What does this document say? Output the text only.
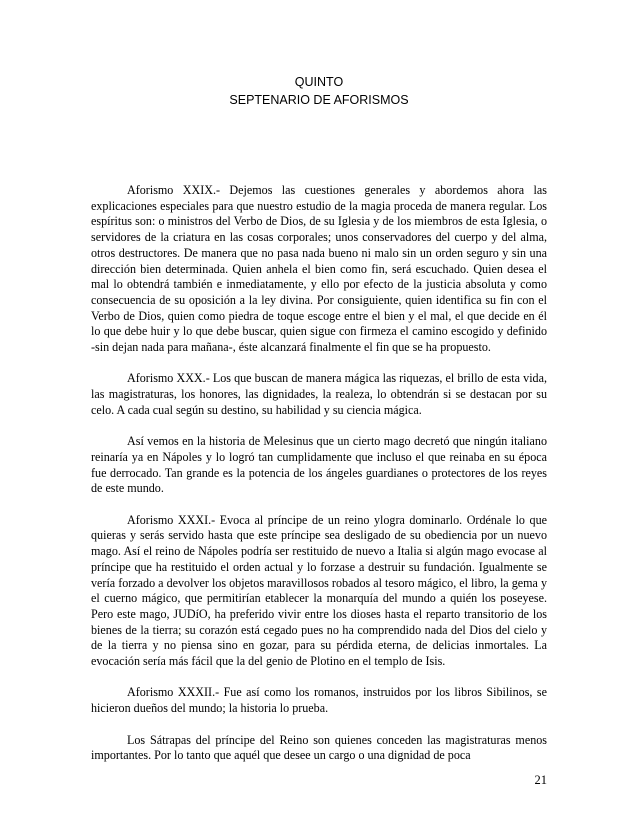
QUINTO
SEPTENARIO DE AFORISMOS

Aforismo XXIX.- Dejemos las cuestiones generales y abordemos ahora las explicaciones especiales para que nuestro estudio de la magia proceda de manera regular. Los espíritus son: o ministros del Verbo de Dios, de su Iglesia y de los miembros de esta Iglesia, o servidores de la criatura en las cosas corporales; unos conservadores del cuerpo y del alma, otros destructores. De manera que no pasa nada bueno ni malo sin un orden seguro y sin una dirección bien determinada. Quien anhela el bien como fin, será escuchado. Quien desea el mal lo obtendrá también e inmediatamente, y ello por efecto de la justicia absoluta y como consecuencia de su oposición a la ley divina. Por consiguiente, quien identifica su fin con el Verbo de Dios, quien como piedra de toque escoge entre el bien y el mal, el que decide en él lo que debe huir y lo que debe buscar, quien sigue con firmeza el camino escogido y definido -sin dejan nada para mañana-, éste alcanzará finalmente el fin que se ha propuesto.

Aforismo XXX.- Los que buscan de manera mágica las riquezas, el brillo de esta vida, las magistraturas, los honores, las dignidades, la realeza, lo obtendrán si se destacan por su celo. A cada cual según su destino, su habilidad y su ciencia mágica.

Así vemos en la historia de Melesinus que un cierto mago decretó que ningún italiano reinaría ya en Nápoles y lo logró tan cumplidamente que incluso el que reinaba en su época fue derrocado. Tan grande es la potencia de los ángeles guardianes o protectores de los reyes de este mundo.

Aforismo XXXI.- Evoca al príncipe de un reino ylogra dominarlo. Ordénale lo que quieras y serás servido hasta que este príncipe sea desligado de su obediencia por un nuevo mago. Así el reino de Nápoles podría ser restituido de nuevo a Italia si algún mago evocase al príncipe que ha restituido el orden actual y lo forzase a destruir su fundación. Igualmente se vería forzado a devolver los objetos maravillosos robados al tesoro mágico, el libro, la gema y el cuerno mágico, que permitirían etablecer la monarquía del mundo a quién los poseyese. Pero este mago, JUDíO, ha preferido vivir entre los dioses hasta el reparto transitorio de los bienes de la tierra; su corazón está cegado pues no ha comprendido nada del Dios del cielo y de la tierra y no piensa sino en gozar, para su pérdida eterna, de delicias inmortales. La evocación sería más fácil que la del genio de Plotino en el templo de Isis.

Aforismo XXXII.- Fue así como los romanos, instruidos por los libros Sibilinos, se hicieron dueños del mundo; la historia lo prueba.

Los Sátrapas del príncipe del Reino son quienes conceden las magistraturas menos importantes. Por lo tanto que aquél que desee un cargo o una dignidad de poca

21
